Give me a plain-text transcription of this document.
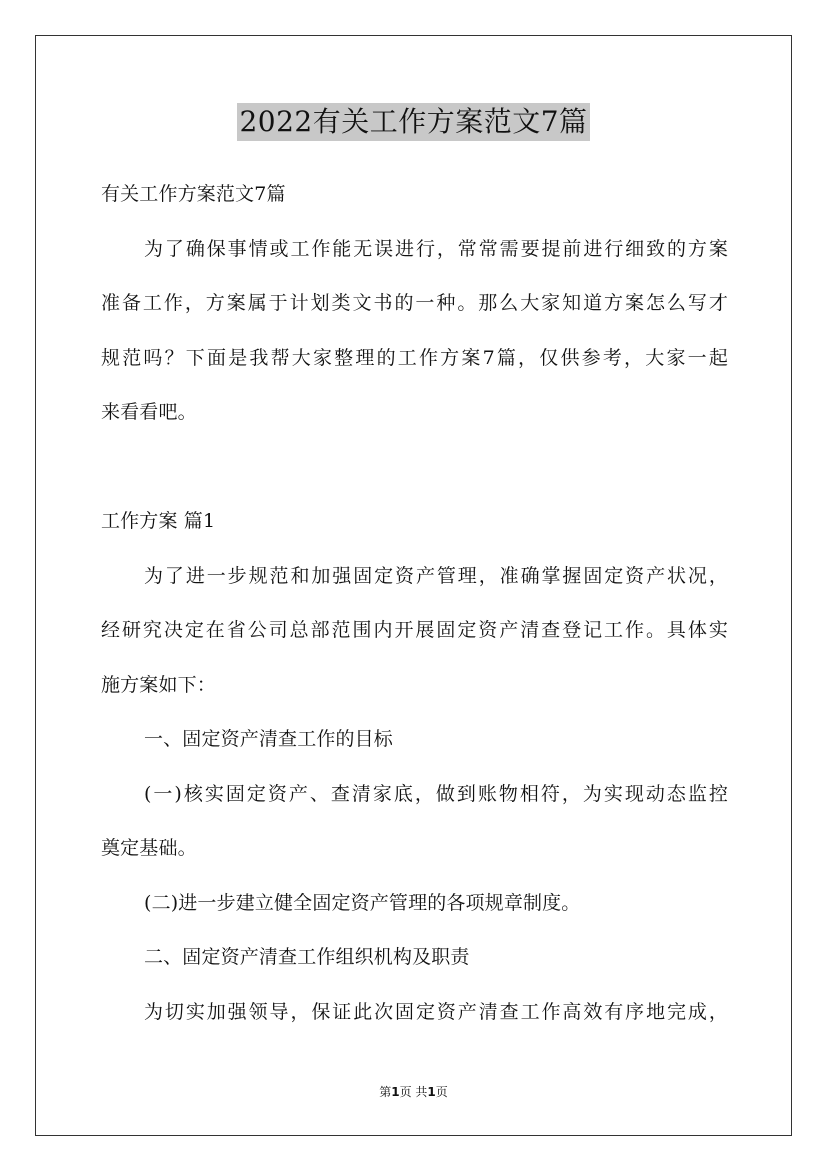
2022有关工作方案范文7篇
有关工作方案范文7篇
为了确保事情或工作能无误进行，常常需要提前进行细致的方案
准备工作，方案属于计划类文书的一种。那么大家知道方案怎么写才
规范吗？下面是我帮大家整理的工作方案7篇，仅供参考，大家一起
来看看吧。
工作方案 篇1
为了进一步规范和加强固定资产管理，准确掌握固定资产状况，
经研究决定在省公司总部范围内开展固定资产清查登记工作。具体实
施方案如下：
一、固定资产清查工作的目标
(一)核实固定资产、查清家底，做到账物相符，为实现动态监控
奠定基础。
(二)进一步建立健全固定资产管理的各项规章制度。
二、固定资产清查工作组织机构及职责
为切实加强领导，保证此次固定资产清查工作高效有序地完成，
第1页 共1页
